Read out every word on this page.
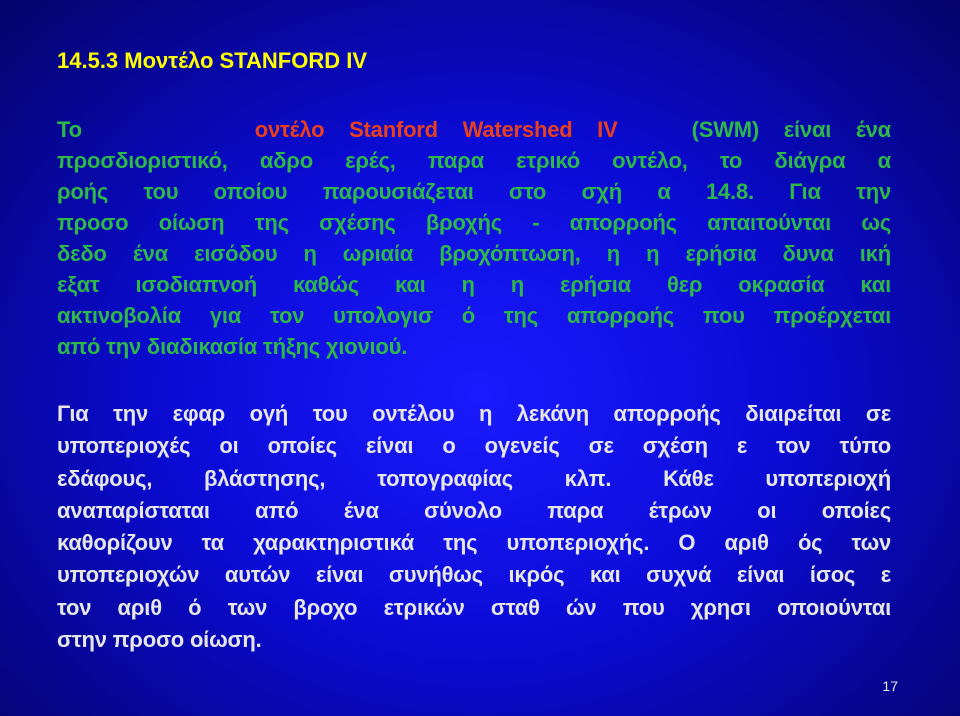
14.5.3 Μοντέλο STANFORD IV
Το	οντέλο Stanford Watershed IV	(SWM) είναι ένα
προσδιοριστικό, αδρο ερές, παρα ετρικό οντέλο, το διάγρα α
ροής του οποίου παρουσιάζεται στο σχή α 14.8. Για την
προσο οίωση της σχέσης βροχής - απορροής απαιτούνται ως
δεδο ένα εισόδου η ωριαία βροχόπτωση, η η ερήσια δυνα ική
εξατ ισοδιαπνοή καθώς και η η ερήσια θερ οκρασία και
ακτινοβολία για τον υπολογισ ό της απορροής που προέρχεται
από την διαδικασία τήξης χιονιού.
Για την εφαρ ογή του οντέλου η λεκάνη απορροής διαιρείται σε
υποπεριοχές οι οποίες είναι ο ογενείς σε σχέση ε τον τύπο
εδάφους, βλάστησης, τοπογραφίας κλπ. Κάθε υποπεριοχή
αναπαρίσταται από ένα σύνολο παρα έτρων οι οποίες
καθορίζουν τα χαρακτηριστικά της υποπεριοχής. Ο αριθ ός των
υποπεριοχών αυτών είναι συνήθως ικρός και συχνά είναι ίσος ε
τον αριθ ό των βροχο ετρικών σταθ ών που χρησι οποιούνται
στην προσο οίωση.
17
